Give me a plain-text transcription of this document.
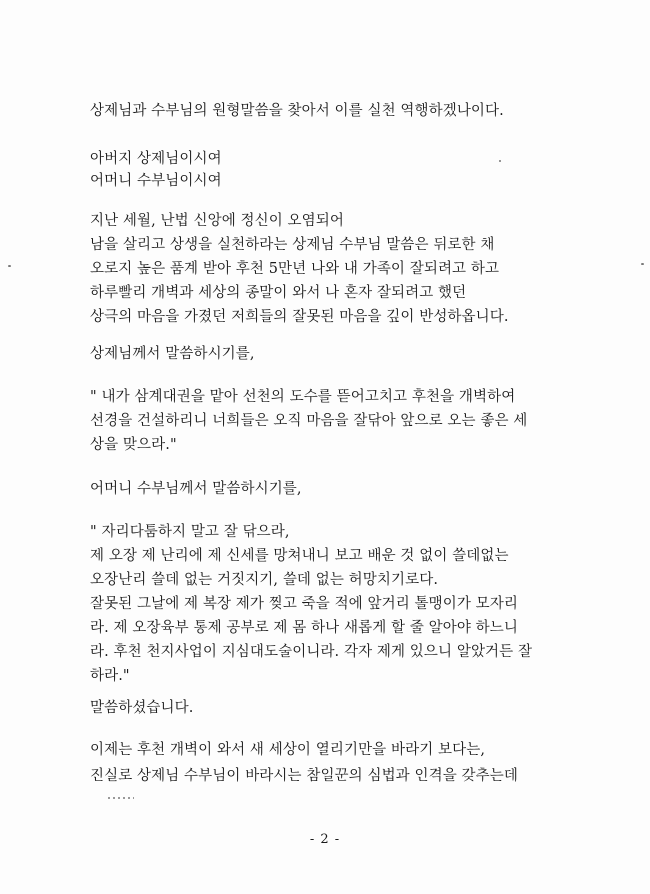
상제님과 수부님의 원형말씀을 찾아서 이를 실천 역행하겠나이다.
아버지 상제님이시여
어머니 수부님이시여
지난 세월, 난법 신앙에 정신이 오염되어
남을 살리고 상생을 실천하라는 상제님 수부님 말씀은 뒤로한 채
오로지 높은 품계 받아 후천 5만년 나와 내 가족이 잘되려고 하고
하루빨리 개벽과 세상의 종말이 와서 나 혼자 잘되려고 했던
상극의 마음을 가졌던 저희들의 잘못된 마음을 깊이 반성하옵니다.
상제님께서 말씀하시기를,
" 내가 삼계대권을 맡아 선천의 도수를 뜯어고치고 후천을 개벽하여
선경을 건설하리니 너희들은 오직 마음을 잘닦아 앞으로 오는 좋은 세
상을 맞으라."
어머니 수부님께서 말씀하시기를,
" 자리다툼하지 말고 잘 닦으라,
제 오장 제 난리에 제 신세를 망쳐내니 보고 배운 것 없이 쓸데없는
오장난리 쓸데 없는 거짓지기, 쓸데 없는 허망치기로다.
잘못된 그날에 제 복장 제가 찢고 죽을 적에 앞거리 톨맹이가 모자리
라. 제 오장육부 통제 공부로 제 몸 하나 새롭게 할 줄 알아야 하느니
라. 후천 천지사업이 지심대도술이니라. 각자 제게 있으니 알았거든 잘
하라."
말씀하셨습니다.
이제는 후천 개벽이 와서 새 세상이 열리기만을 바라기 보다는,
진실로 상제님 수부님이 바라시는 참일꾼의 심법과 인격을 갖추는데
- 2 -
